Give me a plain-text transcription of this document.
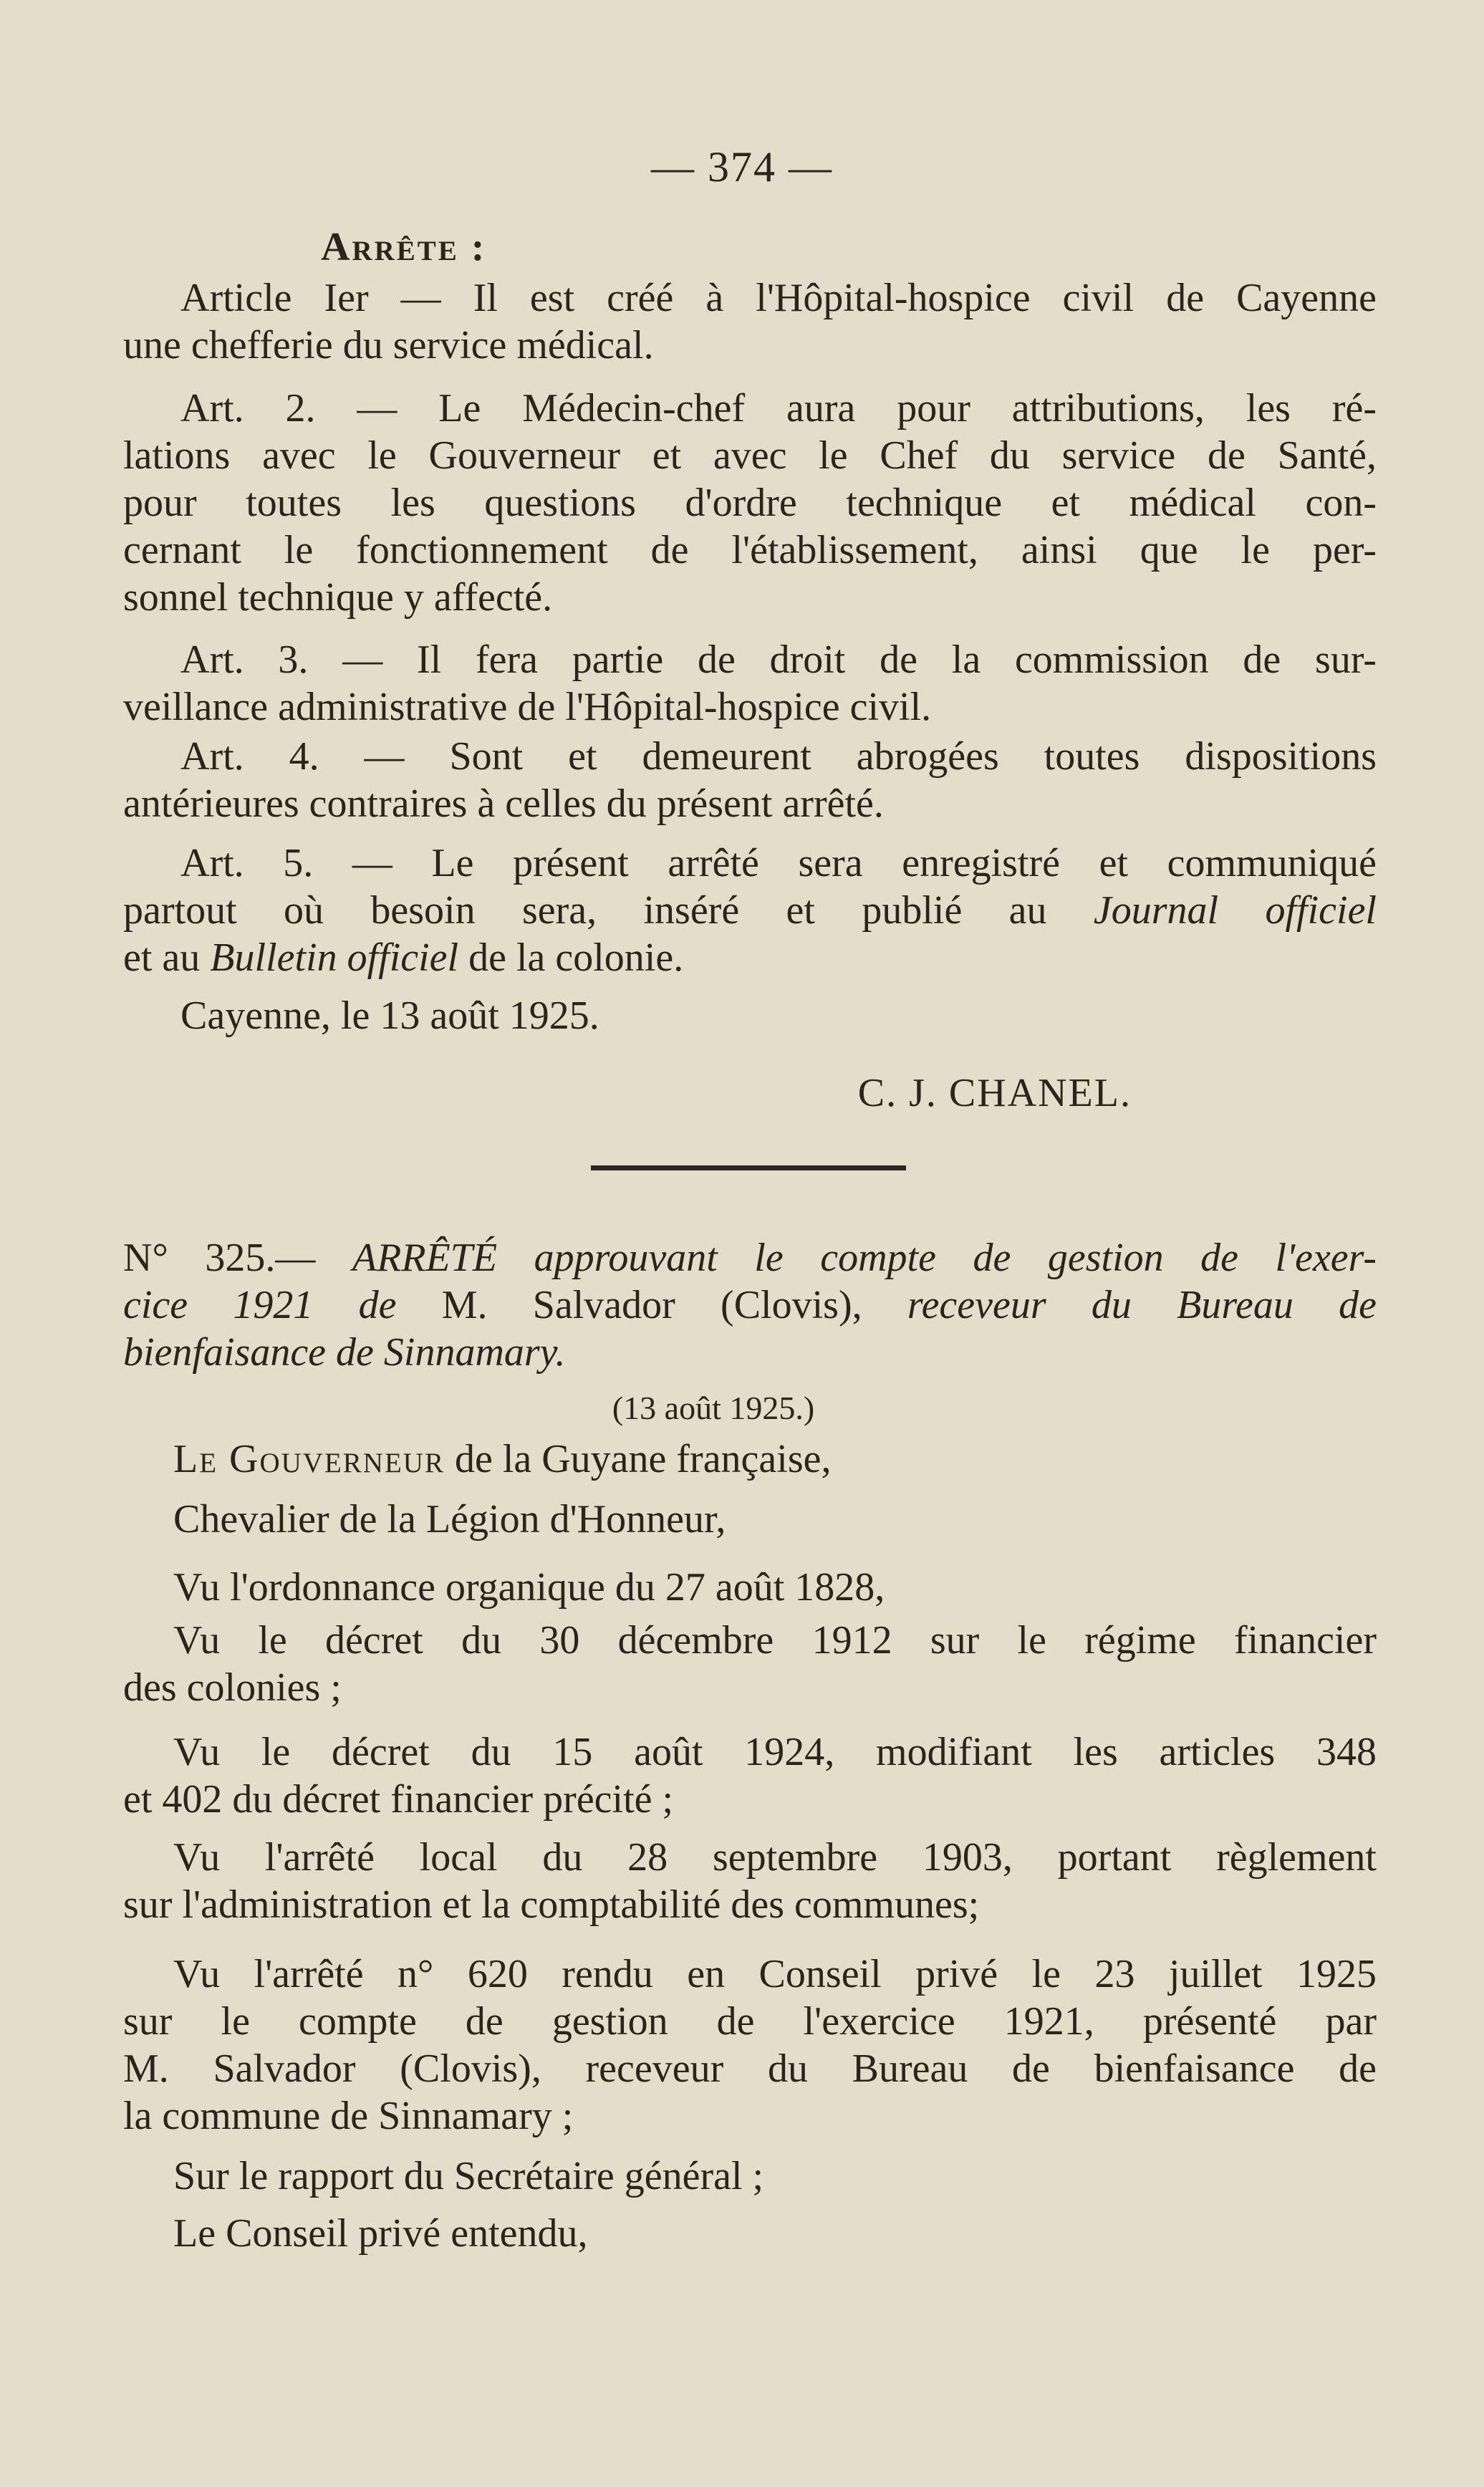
— 374 —
Arrête :
Article Ier — Il est créé à l'Hôpital-hospice civil de Cayenne
une chefferie du service médical.
Art. 2. — Le Médecin-chef aura pour attributions, les ré-
lations avec le Gouverneur et avec le Chef du service de Santé,
pour toutes les questions d'ordre technique et médical con-
cernant le fonctionnement de l'établissement, ainsi que le per-
sonnel technique y affecté.
Art. 3. — Il fera partie de droit de la commission de sur-
veillance administrative de l'Hôpital-hospice civil.
Art. 4. — Sont et demeurent abrogées toutes dispositions
antérieures contraires à celles du présent arrêté.
Art. 5. — Le présent arrêté sera enregistré et communiqué
partout où besoin sera, inséré et publié au Journal officiel
et au Bulletin officiel de la colonie.
Cayenne, le 13 août 1925.
C. J. CHANEL.
N° 325.— ARRÊTÉ approuvant le compte de gestion de l'exer-
cice 1921 de M. Salvador (Clovis), receveur du Bureau de
bienfaisance de Sinnamary.
(13 août 1925.)
Le Gouverneur de la Guyane française,
Chevalier de la Légion d'Honneur,
Vu l'ordonnance organique du 27 août 1828,
Vu le décret du 30 décembre 1912 sur le régime financier
des colonies ;
Vu le décret du 15 août 1924, modifiant les articles 348
et 402 du décret financier précité ;
Vu l'arrêté local du 28 septembre 1903, portant règlement
sur l'administration et la comptabilité des communes;
Vu l'arrêté n° 620 rendu en Conseil privé le 23 juillet 1925
sur le compte de gestion de l'exercice 1921, présenté par
M. Salvador (Clovis), receveur du Bureau de bienfaisance de
la commune de Sinnamary ;
Sur le rapport du Secrétaire général ;
Le Conseil privé entendu,
